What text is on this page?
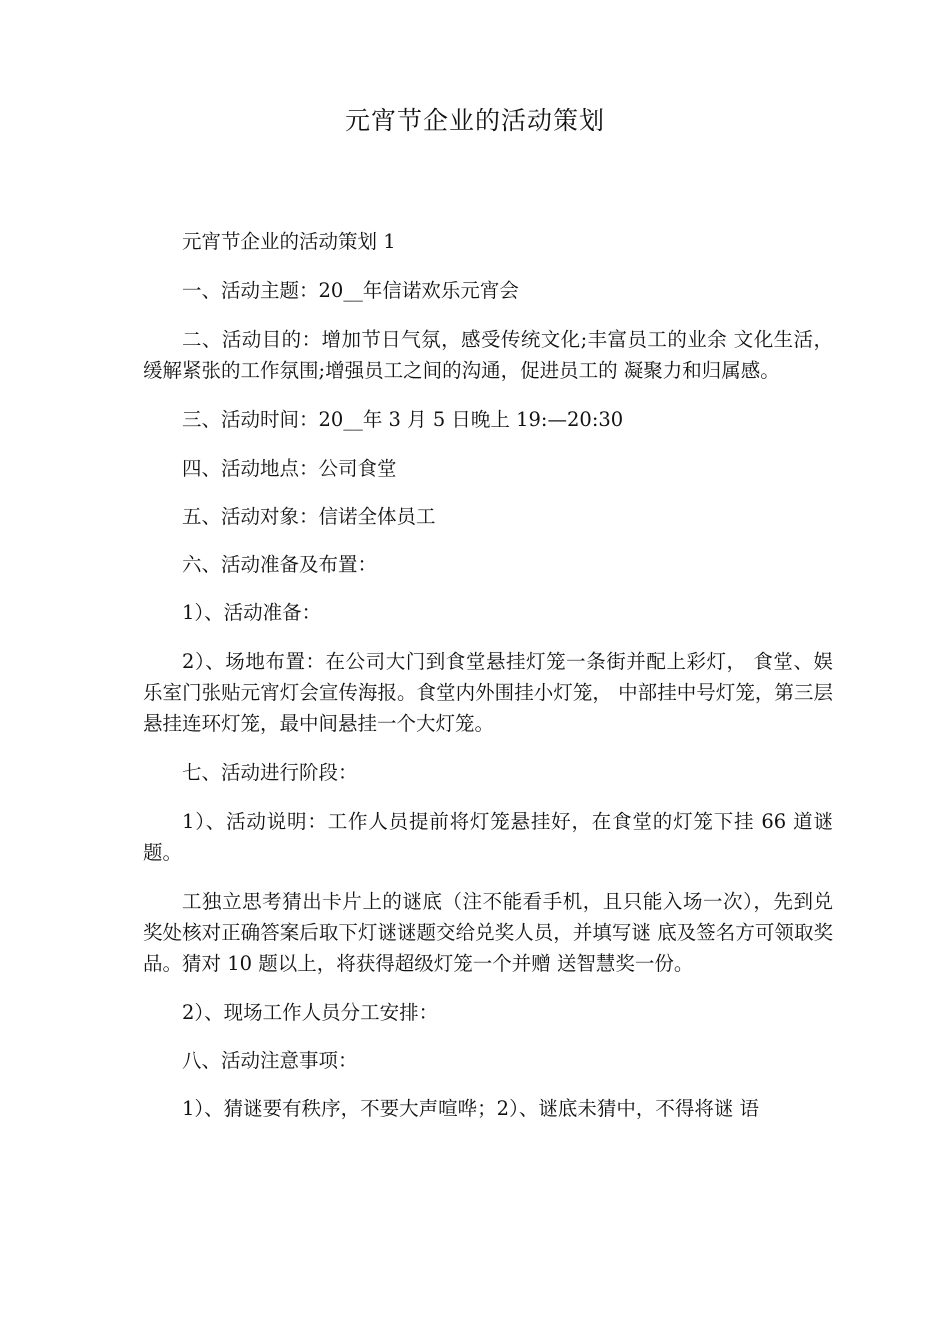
元宵节企业的活动策划

元宵节企业的活动策划 1

一、活动主题：20__年信诺欢乐元宵会

二、活动目的：增加节日气氛，感受传统文化;丰富员工的业余 文化生活，缓解紧张的工作氛围;增强员工之间的沟通，促进员工的 凝聚力和归属感。

三、活动时间：20__年 3 月 5 日晚上 19:—20:30

四、活动地点：公司食堂

五、活动对象：信诺全体员工

六、活动准备及布置：

1）、活动准备：

2）、场地布置：在公司大门到食堂悬挂灯笼一条街并配上彩灯， 食堂、娱乐室门张贴元宵灯会宣传海报。食堂内外围挂小灯笼， 中部挂中号灯笼，第三层悬挂连环灯笼，最中间悬挂一个大灯笼。

七、活动进行阶段：

1）、活动说明：工作人员提前将灯笼悬挂好，在食堂的灯笼下挂 66 道谜题。

工独立思考猜出卡片上的谜底（注不能看手机，且只能入场一次），先到兑奖处核对正确答案后取下灯谜谜题交给兑奖人员，并填写谜 底及签名方可领取奖品。猜对 10 题以上，将获得超级灯笼一个并赠 送智慧奖一份。

2）、现场工作人员分工安排：

八、活动注意事项：

1）、猜谜要有秩序，不要大声喧哗；2）、谜底未猜中，不得将谜 语
